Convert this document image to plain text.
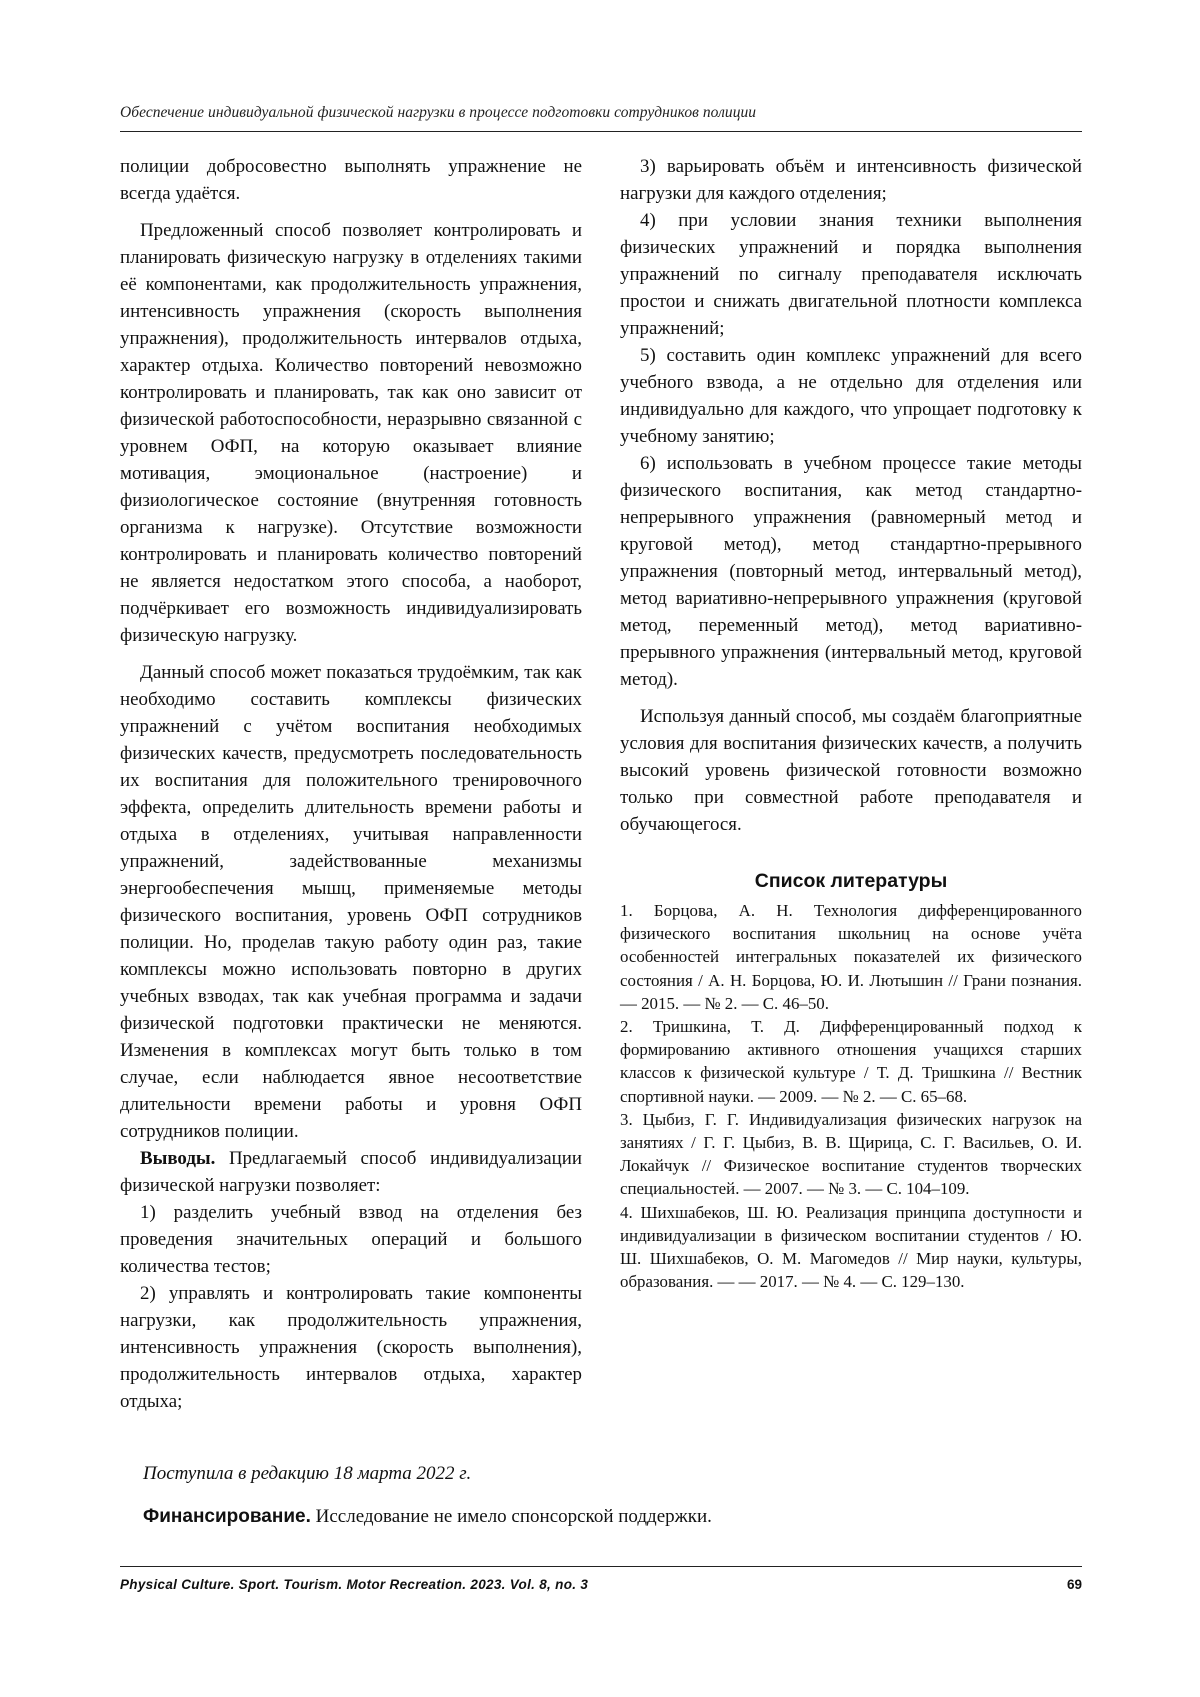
Обеспечение индивидуальной физической нагрузки в процессе подготовки сотрудников полиции

полиции добросовестно выполнять упражнение не всегда удаётся.

Предложенный способ позволяет контролировать и планировать физическую нагрузку в отделениях такими её компонентами, как продолжительность упражнения, интенсивность упражнения (скорость выполнения упражнения), продолжительность интервалов отдыха, характер отдыха. Количество повторений невозможно контролировать и планировать, так как оно зависит от физической работоспособности, неразрывно связанной с уровнем ОФП, на которую оказывает влияние мотивация, эмоциональное (настроение) и физиологическое состояние (внутренняя готовность организма к нагрузке). Отсутствие возможности контролировать и планировать количество повторений не является недостатком этого способа, а наоборот, подчёркивает его возможность индивидуализировать физическую нагрузку.

Данный способ может показаться трудоёмким, так как необходимо составить комплексы физических упражнений с учётом воспитания необходимых физических качеств, предусмотреть последовательность их воспитания для положительного тренировочного эффекта, определить длительность времени работы и отдыха в отделениях, учитывая направленности упражнений, задействованные механизмы энергообеспечения мышц, применяемые методы физического воспитания, уровень ОФП сотрудников полиции. Но, проделав такую работу один раз, такие комплексы можно использовать повторно в других учебных взводах, так как учебная программа и задачи физической подготовки практически не меняются. Изменения в комплексах могут быть только в том случае, если наблюдается явное несоответствие длительности времени работы и уровня ОФП сотрудников полиции.

Выводы. Предлагаемый способ индивидуализации физической нагрузки позволяет:

1) разделить учебный взвод на отделения без проведения значительных операций и большого количества тестов;

2) управлять и контролировать такие компоненты нагрузки, как продолжительность упражнения, интенсивность упражнения (скорость выполнения), продолжительность интервалов отдыха, характер отдыха;

3) варьировать объём и интенсивность физической нагрузки для каждого отделения;

4) при условии знания техники выполнения физических упражнений и порядка выполнения упражнений по сигналу преподавателя исключать простои и снижать двигательной плотности комплекса упражнений;

5) составить один комплекс упражнений для всего учебного взвода, а не отдельно для отделения или индивидуально для каждого, что упрощает подготовку к учебному занятию;

6) использовать в учебном процессе такие методы физического воспитания, как метод стандартно-непрерывного упражнения (равномерный метод и круговой метод), метод стандартно-прерывного упражнения (повторный метод, интервальный метод), метод вариативно-непрерывного упражнения (круговой метод, переменный метод), метод вариативно-прерывного упражнения (интервальный метод, круговой метод).

Используя данный способ, мы создаём благоприятные условия для воспитания физических качеств, а получить высокий уровень физической готовности возможно только при совместной работе преподавателя и обучающегося.

Список литературы

1. Борцова, А. Н. Технология дифференцированного физического воспитания школьниц на основе учёта особенностей интегральных показателей их физического состояния / А. Н. Борцова, Ю. И. Лютышин // Грани познания. — 2015. — № 2. — С. 46–50.

2. Тришкина, Т. Д. Дифференцированный подход к формированию активного отношения учащихся старших классов к физической культуре / Т. Д. Тришкина // Вестник спортивной науки. — 2009. — № 2. — С. 65–68.

3. Цыбиз, Г. Г. Индивидуализация физических нагрузок на занятиях / Г. Г. Цыбиз, В. В. Щирица, С. Г. Васильев, О. И. Локайчук // Физическое воспитание студентов творческих специальностей. — 2007. — № 3. — С. 104–109.

4. Шихшабеков, Ш. Ю. Реализация принципа доступности и индивидуализации в физическом воспитании студентов / Ю. Ш. Шихшабеков, О. М. Магомедов // Мир науки, культуры, образования. — — 2017. — № 4. — С. 129–130.

Поступила в редакцию 18 марта 2022 г.
Финансирование. Исследование не имело спонсорской поддержки.
Physical Culture. Sport. Tourism. Motor Recreation. 2023. Vol. 8, no. 3	69
